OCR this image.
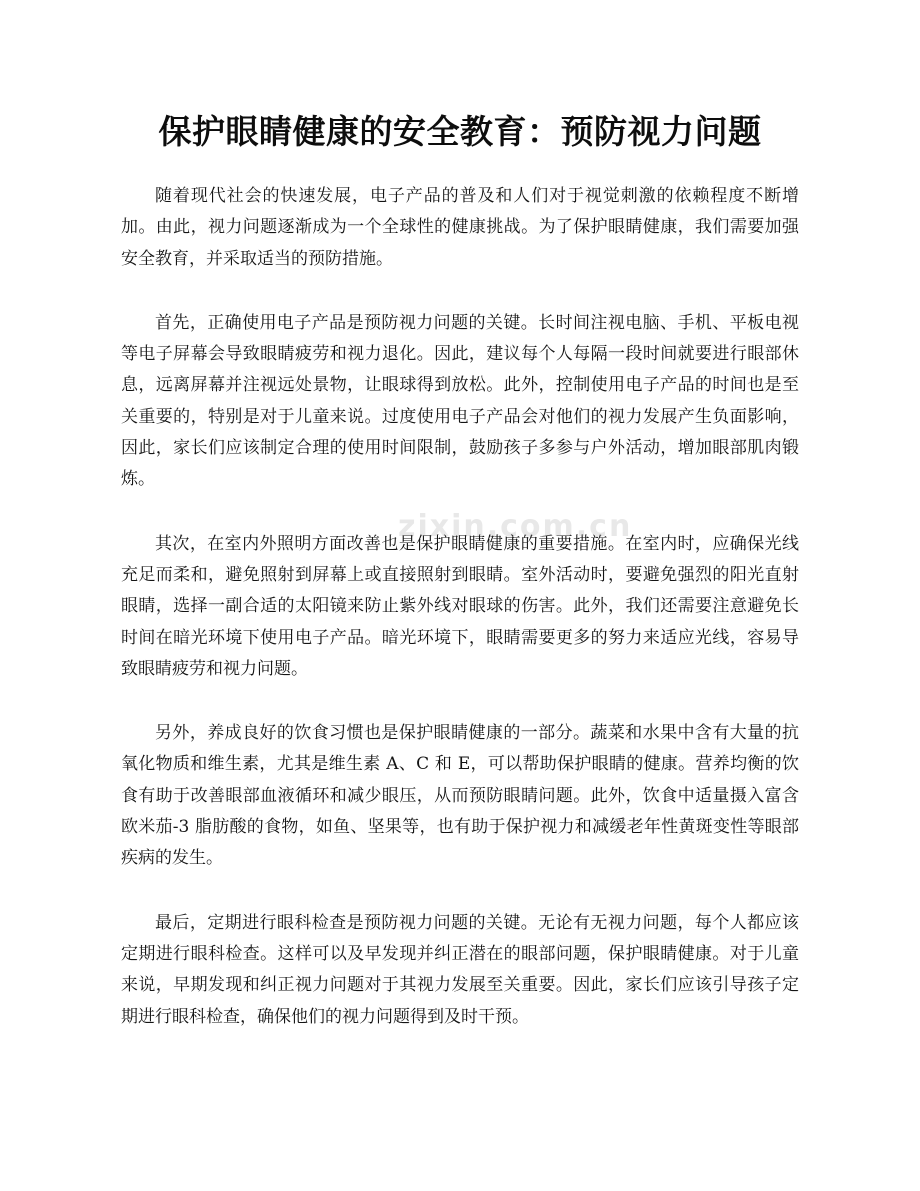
保护眼睛健康的安全教育：预防视力问题

随着现代社会的快速发展，电子产品的普及和人们对于视觉刺激的依赖程度不断增加。由此，视力问题逐渐成为一个全球性的健康挑战。为了保护眼睛健康，我们需要加强安全教育，并采取适当的预防措施。

首先，正确使用电子产品是预防视力问题的关键。长时间注视电脑、手机、平板电视等电子屏幕会导致眼睛疲劳和视力退化。因此，建议每个人每隔一段时间就要进行眼部休息，远离屏幕并注视远处景物，让眼球得到放松。此外，控制使用电子产品的时间也是至关重要的，特别是对于儿童来说。过度使用电子产品会对他们的视力发展产生负面影响，因此，家长们应该制定合理的使用时间限制，鼓励孩子多参与户外活动，增加眼部肌肉锻炼。

其次，在室内外照明方面改善也是保护眼睛健康的重要措施。在室内时，应确保光线充足而柔和，避免照射到屏幕上或直接照射到眼睛。室外活动时，要避免强烈的阳光直射眼睛，选择一副合适的太阳镜来防止紫外线对眼球的伤害。此外，我们还需要注意避免长时间在暗光环境下使用电子产品。暗光环境下，眼睛需要更多的努力来适应光线，容易导致眼睛疲劳和视力问题。

另外，养成良好的饮食习惯也是保护眼睛健康的一部分。蔬菜和水果中含有大量的抗氧化物质和维生素，尤其是维生素 A、C 和 E，可以帮助保护眼睛的健康。营养均衡的饮食有助于改善眼部血液循环和减少眼压，从而预防眼睛问题。此外，饮食中适量摄入富含欧米茄-3 脂肪酸的食物，如鱼、坚果等，也有助于保护视力和减缓老年性黄斑变性等眼部疾病的发生。

最后，定期进行眼科检查是预防视力问题的关键。无论有无视力问题，每个人都应该定期进行眼科检查。这样可以及早发现并纠正潜在的眼部问题，保护眼睛健康。对于儿童来说，早期发现和纠正视力问题对于其视力发展至关重要。因此，家长们应该引导孩子定期进行眼科检查，确保他们的视力问题得到及时干预。

zixin.com.cn
